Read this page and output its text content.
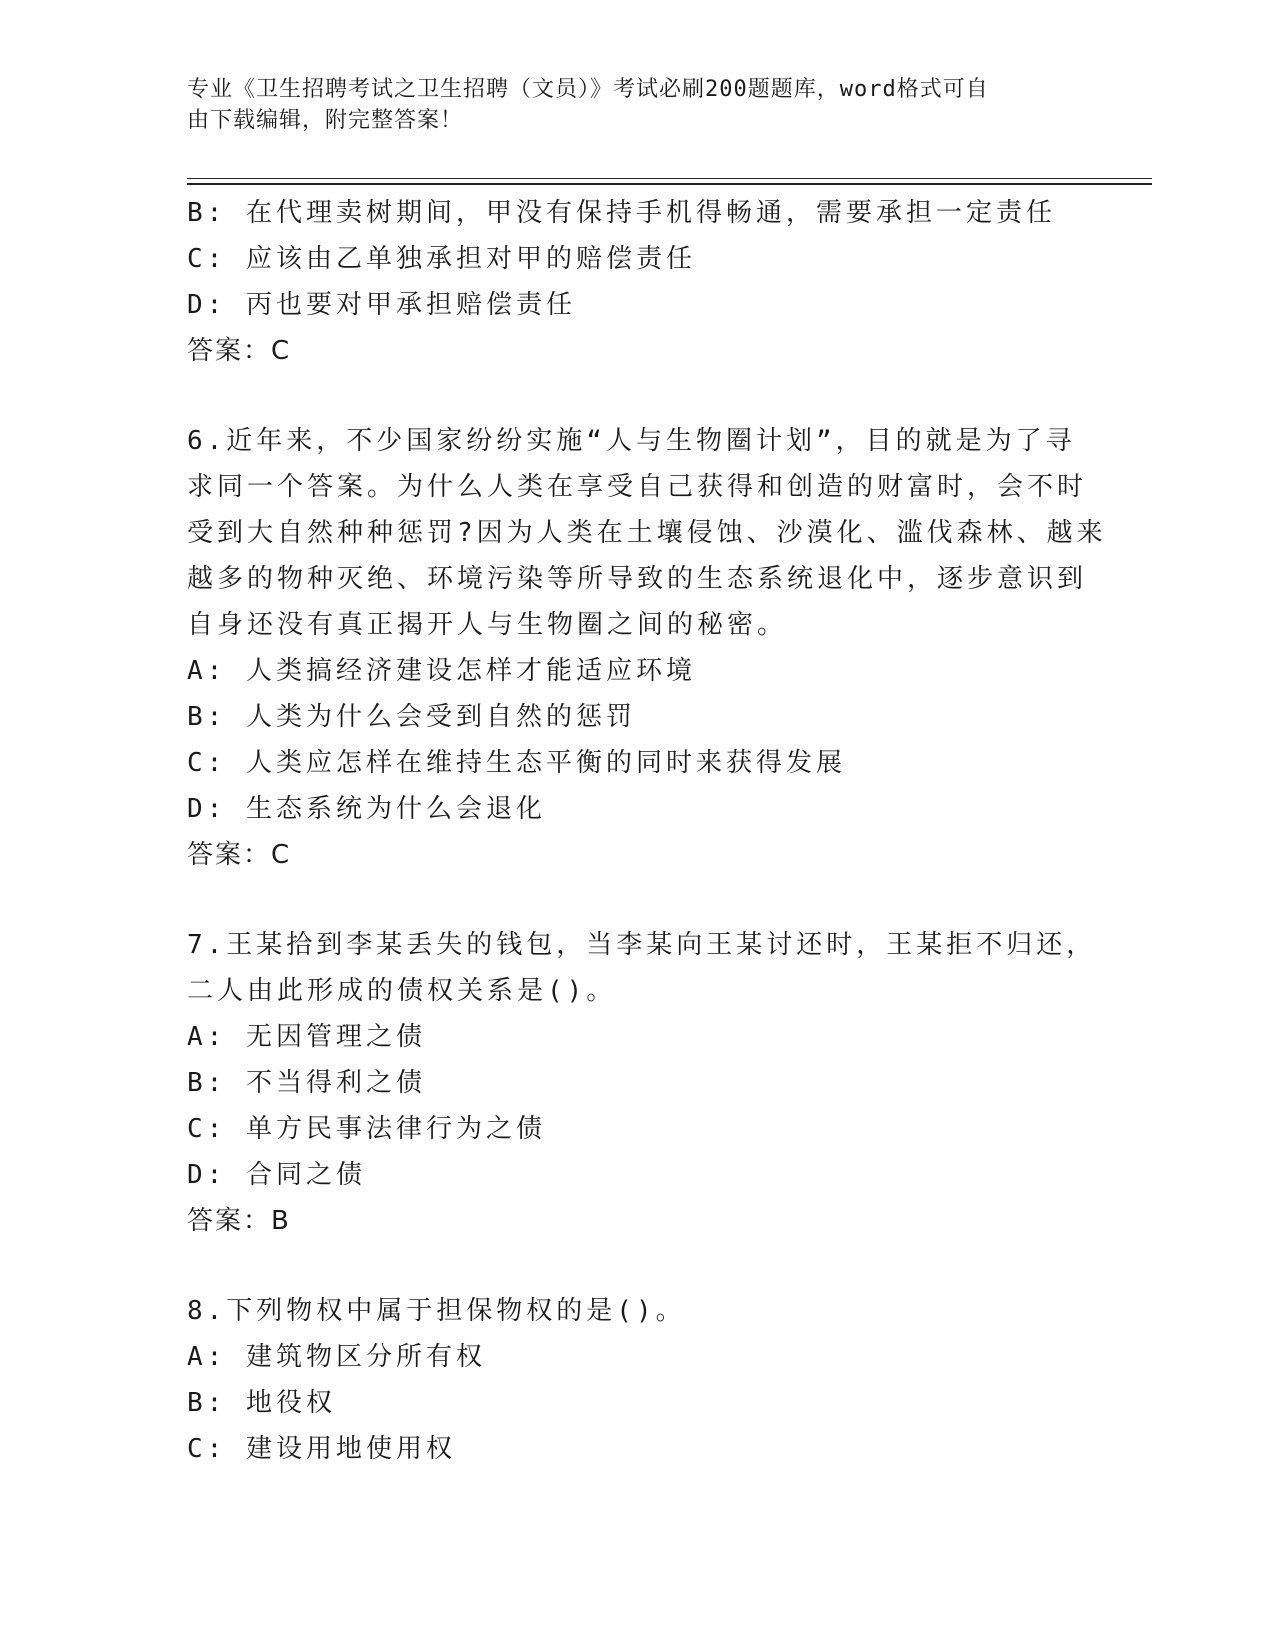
专业《卫生招聘考试之卫生招聘（文员）》考试必刷200题题库，word格式可自
由下载编辑，附完整答案！
B: 在代理卖树期间，甲没有保持手机得畅通，需要承担一定责任
C: 应该由乙单独承担对甲的赔偿责任
D: 丙也要对甲承担赔偿责任
答案：C
6.近年来，不少国家纷纷实施“人与生物圈计划”，目的就是为了寻
求同一个答案。为什么人类在享受自己获得和创造的财富时，会不时
受到大自然种种惩罚?因为人类在土壤侵蚀、沙漠化、滥伐森林、越来
越多的物种灭绝、环境污染等所导致的生态系统退化中，逐步意识到
自身还没有真正揭开人与生物圈之间的秘密。
A: 人类搞经济建设怎样才能适应环境
B: 人类为什么会受到自然的惩罚
C: 人类应怎样在维持生态平衡的同时来获得发展
D: 生态系统为什么会退化
答案：C
7.王某拾到李某丢失的钱包，当李某向王某讨还时，王某拒不归还，
二人由此形成的债权关系是()。
A: 无因管理之债
B: 不当得利之债
C: 单方民事法律行为之债
D: 合同之债
答案：B
8.下列物权中属于担保物权的是()。
A: 建筑物区分所有权
B: 地役权
C: 建设用地使用权
